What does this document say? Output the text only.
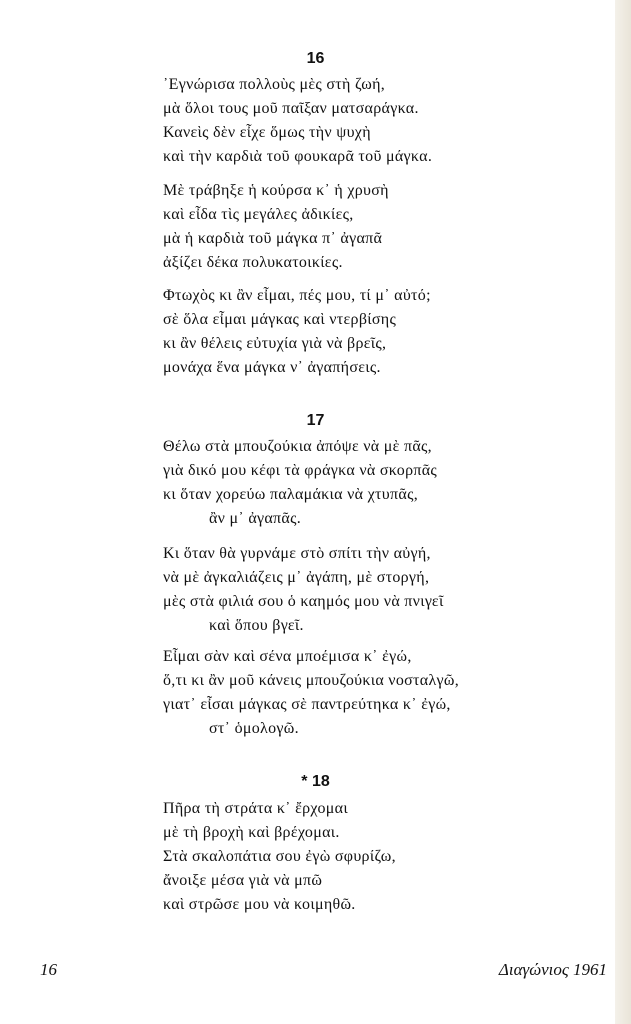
16
᾿Εγνώρισα πολλοὺς μὲς στὴ ζωή,
μὰ ὅλοι τους μοῦ παῖξαν ματσαράγκα.
Κανεὶς δὲν εἶχε ὅμως τὴν ψυχὴ
καὶ τὴν καρδιὰ τοῦ φουκαρᾶ τοῦ μάγκα.
Μὲ τράβηξε ἡ κούρσα κ᾿ ἡ χρυσὴ
καὶ εἶδα τὶς μεγάλες ἀδικίες,
μὰ ἡ καρδιὰ τοῦ μάγκα π᾿ ἀγαπᾶ
ἀξίζει δέκα πολυκατοικίες.
Φτωχὸς κι ἂν εἶμαι, πές μου, τί μ᾿ αὐτό;
σὲ ὅλα εἶμαι μάγκας καὶ ντερβίσης
κι ἂν θέλεις εὐτυχία γιὰ νὰ βρεῖς,
μονάχα ἕνα μάγκα ν᾿ ἀγαπήσεις.
17
Θέλω στὰ μπουζούκια ἀπόψε νὰ μὲ πᾶς,
γιὰ δικό μου κέφι τὰ φράγκα νὰ σκορπᾶς
κι ὅταν χορεύω παλαμάκια νὰ χτυπᾶς,
ἂν μ᾿ ἀγαπᾶς.
Κι ὅταν θὰ γυρνάμε στὸ σπίτι τὴν αὐγή,
νὰ μὲ ἀγκαλιάζεις μ᾿ ἀγάπη, μὲ στοργή,
μὲς στὰ φιλιά σου ὁ καημός μου νὰ πνιγεῖ
καὶ ὅπου βγεῖ.
Εἶμαι σὰν καὶ σένα μποέμισα κ᾿ ἐγώ,
ὅ,τι κι ἂν μοῦ κάνεις μπουζούκια νοσταλγῶ,
γιατ᾿ εἶσαι μάγκας σὲ παντρεύτηκα κ᾿ ἐγώ,
στ᾿ ὁμολογῶ.
* 18
Πῆρα τὴ στράτα κ᾿ ἔρχομαι
μὲ τὴ βροχὴ καὶ βρέχομαι.
Στὰ σκαλοπάτια σου ἐγὼ σφυρίζω,
ἄνοιξε μέσα γιὰ νὰ μπῶ
καὶ στρῶσε μου νὰ κοιμηθῶ.

16	Διαγώνιος 1961
